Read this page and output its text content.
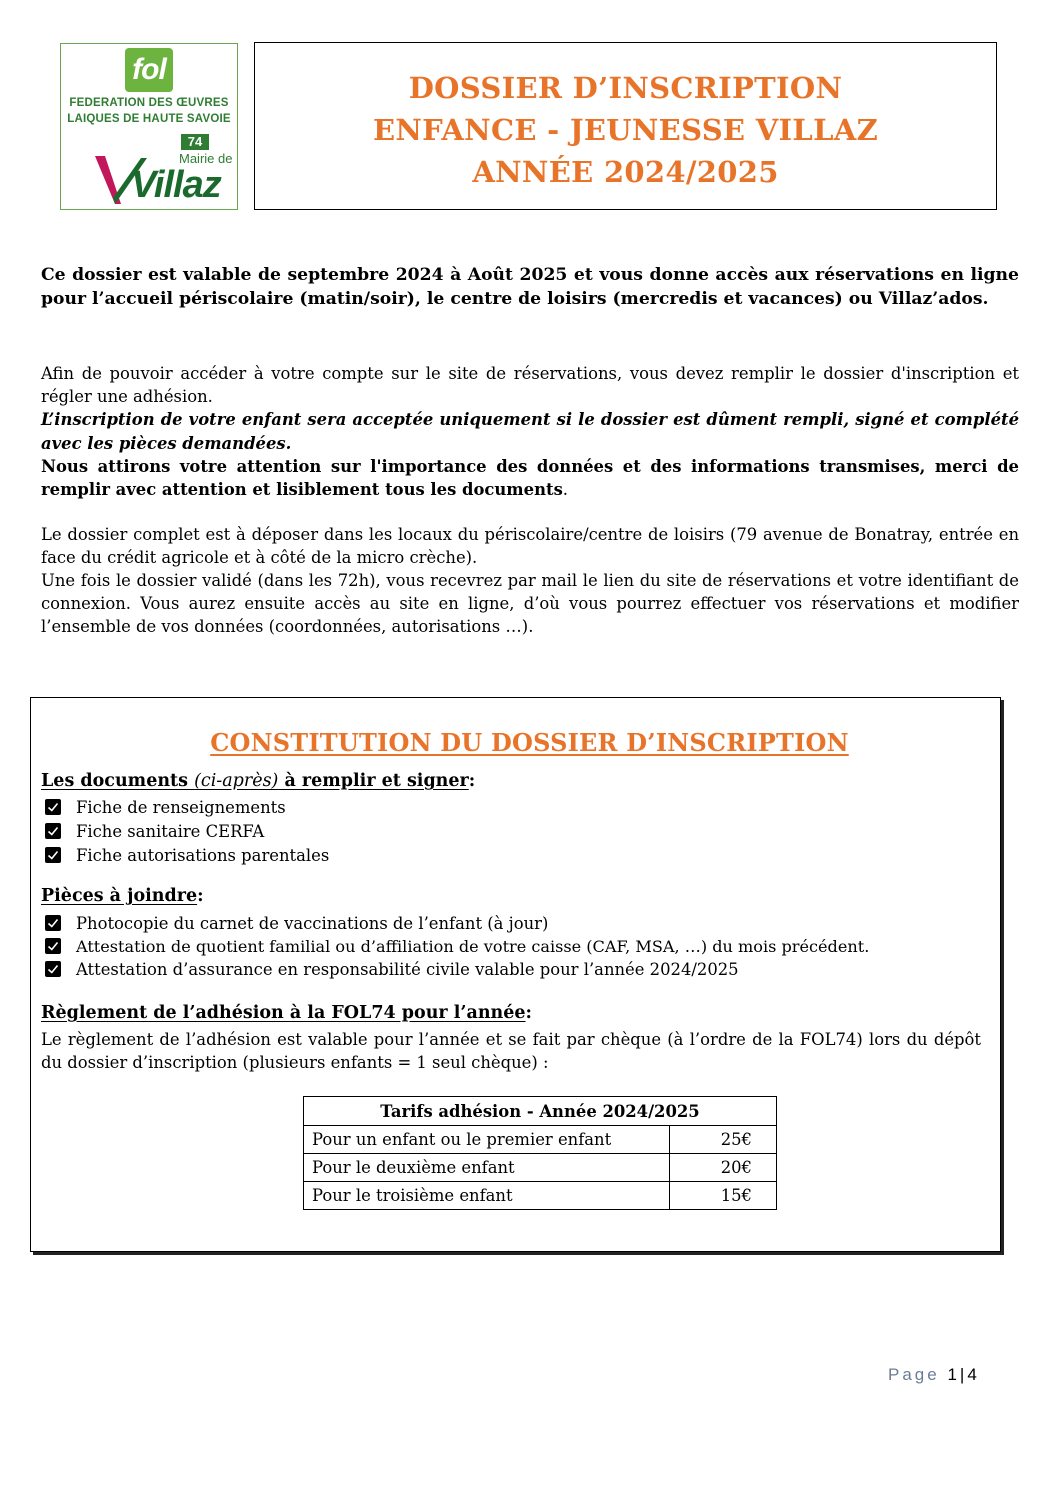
fol
FEDERATION DES ŒUVRES
LAIQUES DE HAUTE SAVOIE
74
Mairie de
Villaz
DOSSIER D’INSCRIPTION
ENFANCE - JEUNESSE VILLAZ
ANNÉE 2024/2025
Ce dossier est valable de septembre 2024 à Août 2025 et vous donne accès aux réservations en ligne pour l’accueil périscolaire (matin/soir), le centre de loisirs (mercredis et vacances) ou Villaz’ados.
Afin de pouvoir accéder à votre compte sur le site de réservations, vous devez remplir le dossier d'inscription et régler une adhésion.
L’inscription de votre enfant sera acceptée uniquement si le dossier est dûment rempli, signé et complété avec les pièces demandées.
Nous attirons votre attention sur l'importance des données et des informations transmises, merci de remplir avec attention et lisiblement tous les documents.
Le dossier complet est à déposer dans les locaux du périscolaire/centre de loisirs (79 avenue de Bonatray, entrée en face du crédit agricole et à côté de la micro crèche).
Une fois le dossier validé (dans les 72h), vous recevrez par mail le lien du site de réservations et votre identifiant de connexion. Vous aurez ensuite accès au site en ligne, d’où vous pourrez effectuer vos réservations et modifier l’ensemble de vos données (coordonnées, autorisations …).
CONSTITUTION DU DOSSIER D’INSCRIPTION
Les documents (ci-après) à remplir et signer:
Fiche de renseignements
Fiche sanitaire CERFA
Fiche autorisations parentales
Pièces à joindre:
Photocopie du carnet de vaccinations de l’enfant (à jour)
Attestation de quotient familial ou d’affiliation de votre caisse (CAF, MSA, …) du mois précédent.
Attestation d’assurance en responsabilité civile valable pour l’année 2024/2025
Règlement de l’adhésion à la FOL74 pour l’année:
Le règlement de l’adhésion est valable pour l’année et se fait par chèque (à l’ordre de la FOL74) lors du dépôt du dossier d’inscription (plusieurs enfants = 1 seul chèque) :
Tarifs adhésion - Année 2024/2025	
Pour un enfant ou le premier enfant	25€
Pour le deuxième enfant	20€
Pour le troisième enfant	15€
Page 1 | 4
